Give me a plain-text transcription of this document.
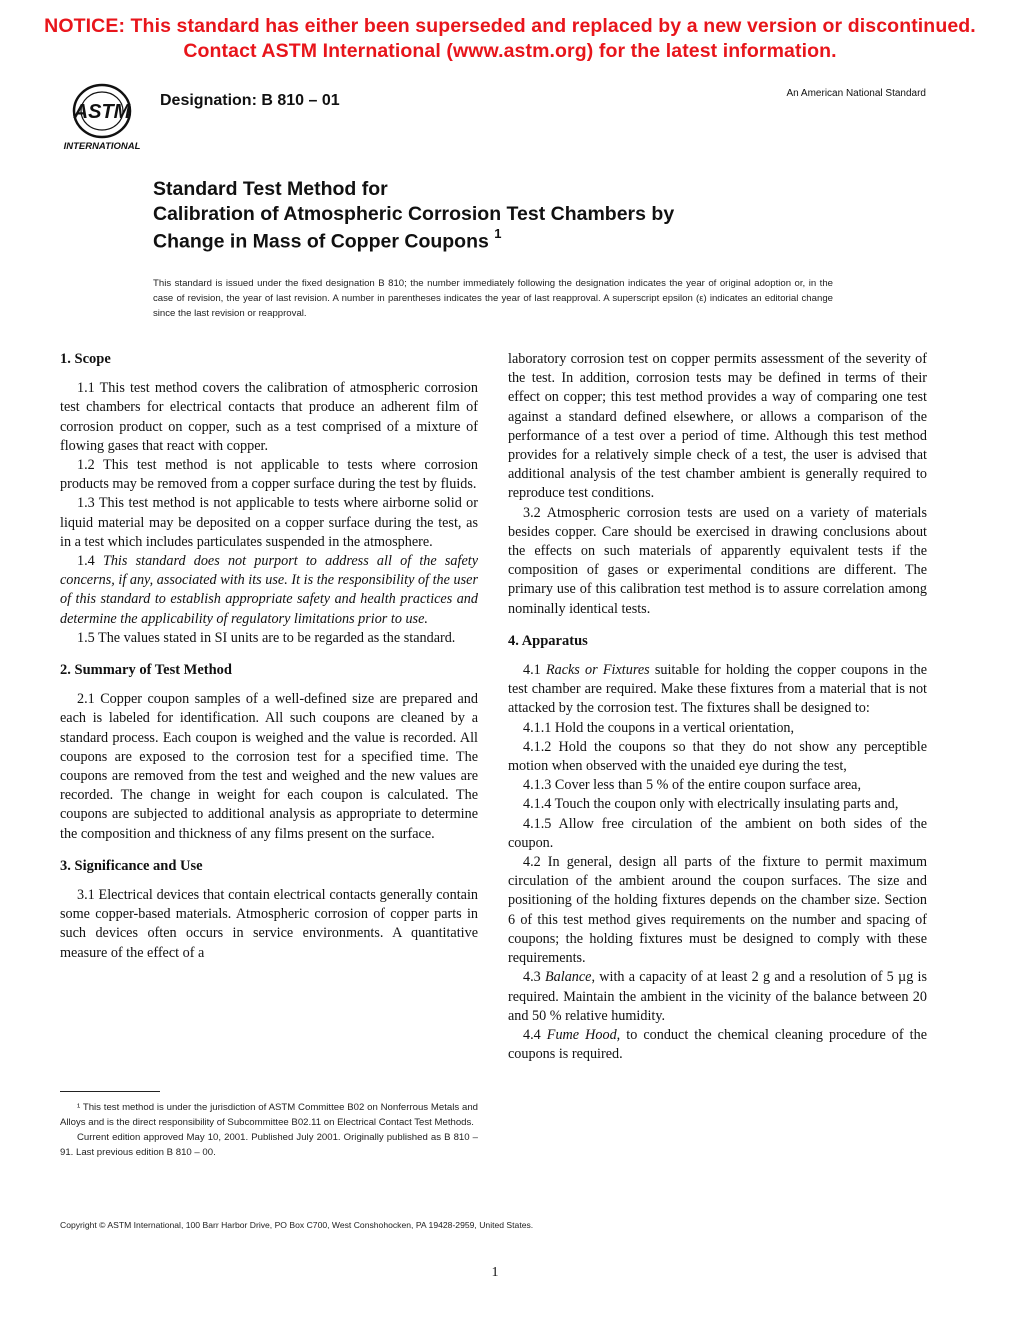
NOTICE: This standard has either been superseded and replaced by a new version or discontinued.
Contact ASTM International (www.astm.org) for the latest information.
ASTM
INTERNATIONAL
Designation: B 810 – 01	An American National Standard
Standard Test Method for
Calibration of Atmospheric Corrosion Test Chambers by
Change in Mass of Copper Coupons $^1$
This standard is issued under the fixed designation B 810; the number immediately following the designation indicates the year of original adoption or, in the case of revision, the year of last revision. A number in parentheses indicates the year of last reapproval. A superscript epsilon (ε) indicates an editorial change since the last revision or reapproval.
1. Scope

1.1 This test method covers the calibration of atmospheric corrosion test chambers for electrical contacts that produce an adherent film of corrosion product on copper, such as a test comprised of a mixture of flowing gases that react with copper.

1.2 This test method is not applicable to tests where corrosion products may be removed from a copper surface during the test by fluids.

1.3 This test method is not applicable to tests where airborne solid or liquid material may be deposited on a copper surface during the test, as in a test which includes particulates suspended in the atmosphere.

1.4 This standard does not purport to address all of the safety concerns, if any, associated with its use. It is the responsibility of the user of this standard to establish appropriate safety and health practices and determine the applicability of regulatory limitations prior to use.

1.5 The values stated in SI units are to be regarded as the standard.

2. Summary of Test Method

2.1 Copper coupon samples of a well-defined size are prepared and each is labeled for identification. All such coupons are cleaned by a standard process. Each coupon is weighed and the value is recorded. All coupons are exposed to the corrosion test for a specified time. The coupons are removed from the test and weighed and the new values are recorded. The change in weight for each coupon is calculated. The coupons are subjected to additional analysis as appropriate to determine the composition and thickness of any films present on the surface.

3. Significance and Use

3.1 Electrical devices that contain electrical contacts generally contain some copper-based materials. Atmospheric corrosion of copper parts in such devices often occurs in service environments. A quantitative measure of the effect of a

laboratory corrosion test on copper permits assessment of the severity of the test. In addition, corrosion tests may be defined in terms of their effect on copper; this test method provides a way of comparing one test against a standard defined elsewhere, or allows a comparison of the performance of a test over a period of time. Although this test method provides for a relatively simple check of a test, the user is advised that additional analysis of the test chamber ambient is generally required to reproduce test conditions.

3.2 Atmospheric corrosion tests are used on a variety of materials besides copper. Care should be exercised in drawing conclusions about the effects on such materials of apparently equivalent tests if the composition of gases or experimental conditions are different. The primary use of this calibration test method is to assure correlation among nominally identical tests.

4. Apparatus

4.1 Racks or Fixtures suitable for holding the copper coupons in the test chamber are required. Make these fixtures from a material that is not attacked by the corrosion test. The fixtures shall be designed to:

4.1.1 Hold the coupons in a vertical orientation,

4.1.2 Hold the coupons so that they do not show any perceptible motion when observed with the unaided eye during the test,

4.1.3 Cover less than 5 % of the entire coupon surface area,

4.1.4 Touch the coupon only with electrically insulating parts and,

4.1.5 Allow free circulation of the ambient on both sides of the coupon.

4.2 In general, design all parts of the fixture to permit maximum circulation of the ambient around the coupon surfaces. The size and positioning of the holding fixtures depends on the chamber size. Section 6 of this test method gives requirements on the number and spacing of coupons; the holding fixtures must be designed to comply with these requirements.

4.3 Balance, with a capacity of at least 2 g and a resolution of 5 µg is required. Maintain the ambient in the vicinity of the balance between 20 and 50 % relative humidity.

4.4 Fume Hood, to conduct the chemical cleaning procedure of the coupons is required.

¹ This test method is under the jurisdiction of ASTM Committee B02 on Nonferrous Metals and Alloys and is the direct responsibility of Subcommittee B02.11 on Electrical Contact Test Methods.

Current edition approved May 10, 2001. Published July 2001. Originally published as B 810 – 91. Last previous edition B 810 – 00.

Copyright © ASTM International, 100 Barr Harbor Drive, PO Box C700, West Conshohocken, PA 19428-2959, United States.
1
